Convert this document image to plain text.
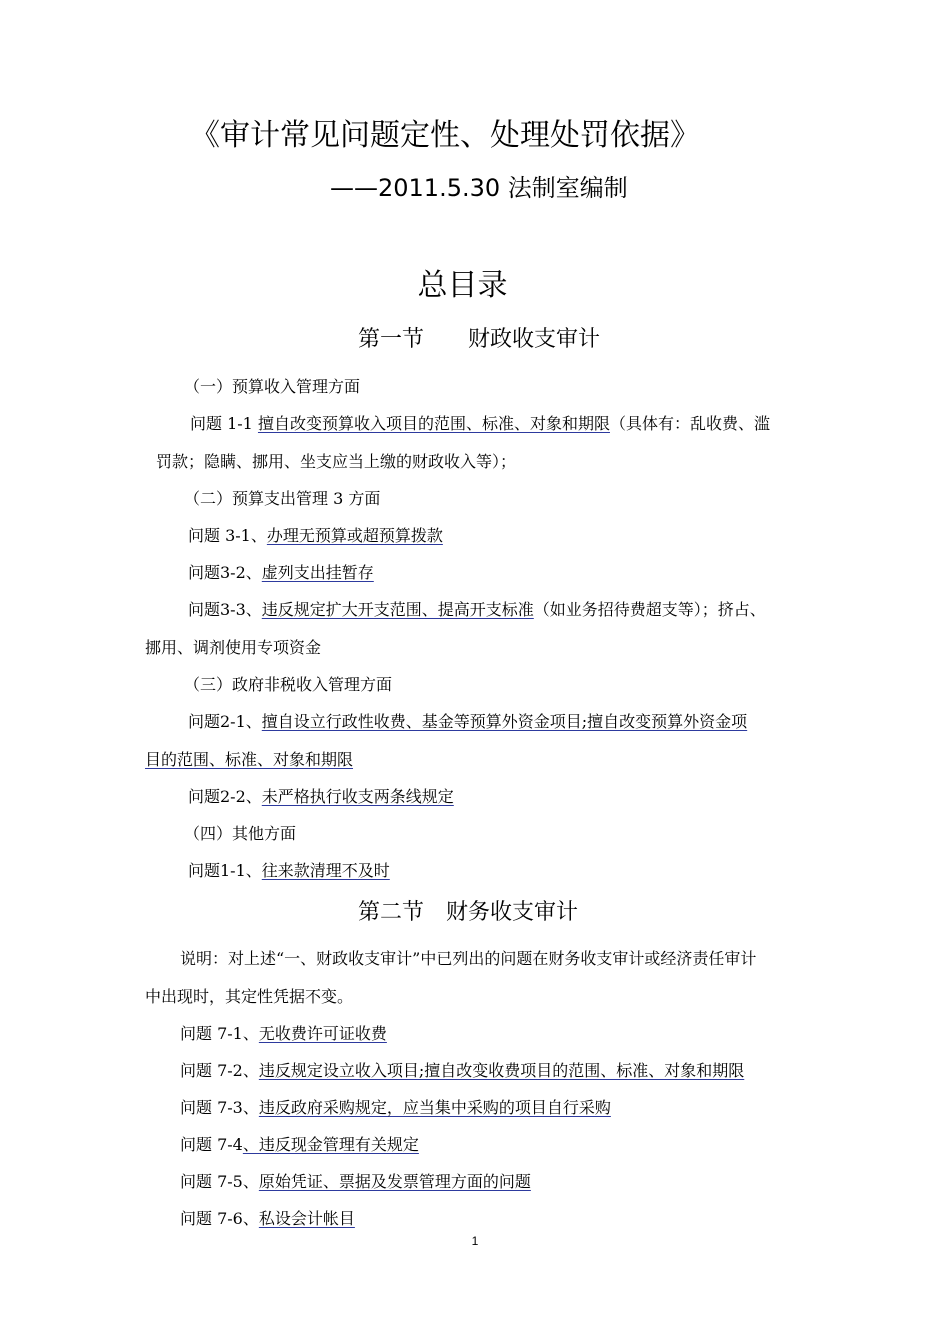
《审计常见问题定性、处理处罚依据》
——2011.5.30 法制室编制
总目录
第一节　　财政收支审计
（一）预算收入管理方面
问题 1-1 擅自改变预算收入项目的范围、标准、对象和期限（具体有：乱收费、滥
罚款；隐瞒、挪用、坐支应当上缴的财政收入等）；
（二）预算支出管理 3 方面
问题 3-1、办理无预算或超预算拨款
问题3-2、虚列支出挂暂存
问题3-3、违反规定扩大开支范围、提高开支标准（如业务招待费超支等）；挤占、
挪用、调剂使用专项资金
（三）政府非税收入管理方面
问题2-1、擅自设立行政性收费、基金等预算外资金项目;擅自改变预算外资金项
目的范围、标准、对象和期限
问题2-2、未严格执行收支两条线规定
（四）其他方面
问题1-1、往来款清理不及时
第二节　财务收支审计
说明：对上述“一、财政收支审计”中已列出的问题在财务收支审计或经济责任审计
中出现时，其定性凭据不变。
问题 7-1、无收费许可证收费
问题 7-2、违反规定设立收入项目;擅自改变收费项目的范围、标准、对象和期限
问题 7-3、违反政府采购规定，应当集中采购的项目自行采购
问题 7-4、违反现金管理有关规定
问题 7-5、原始凭证、票据及发票管理方面的问题
问题 7-6、私设会计帐目
1
